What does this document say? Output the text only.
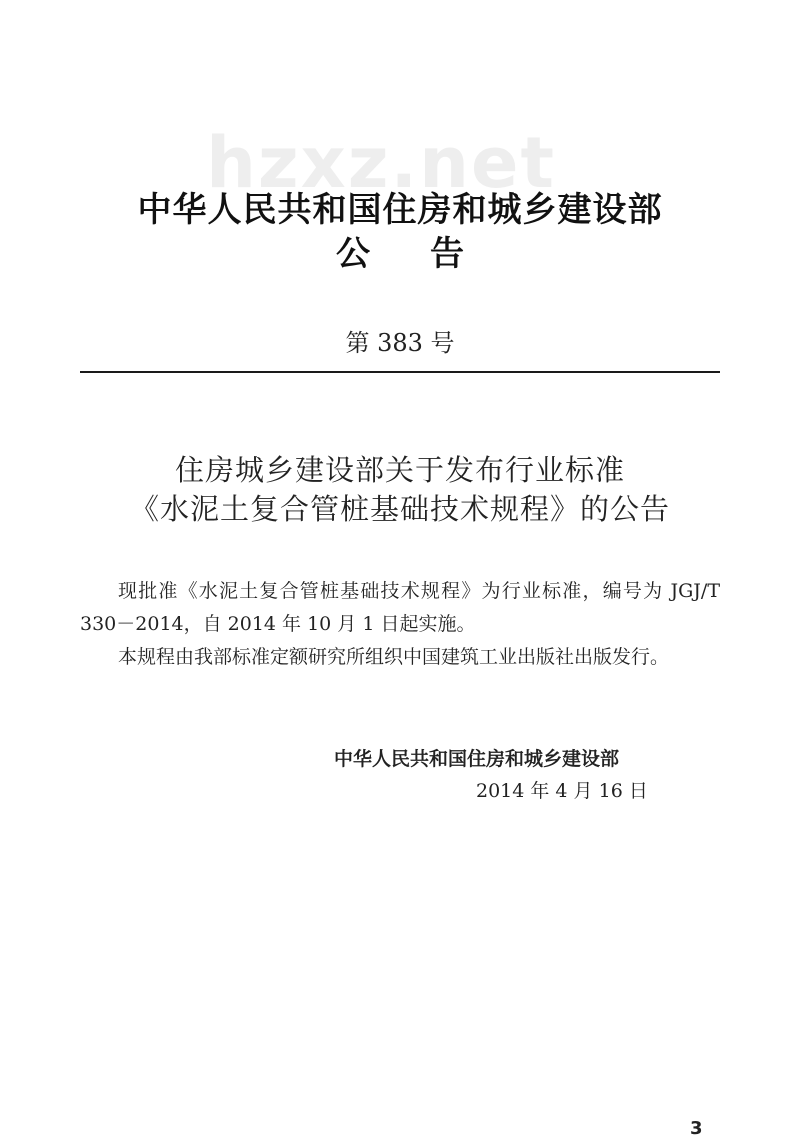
hzxz.net
中华人民共和国住房和城乡建设部
公告
第 383 号
住房城乡建设部关于发布行业标准
《水泥土复合管桩基础技术规程》的公告

现批准《水泥土复合管桩基础技术规程》为行业标准，编号为 JGJ/T 330－2014，自 2014 年 10 月 1 日起实施。

本规程由我部标准定额研究所组织中国建筑工业出版社出版发行。

中华人民共和国住房和城乡建设部
2014 年 4 月 16 日
3
